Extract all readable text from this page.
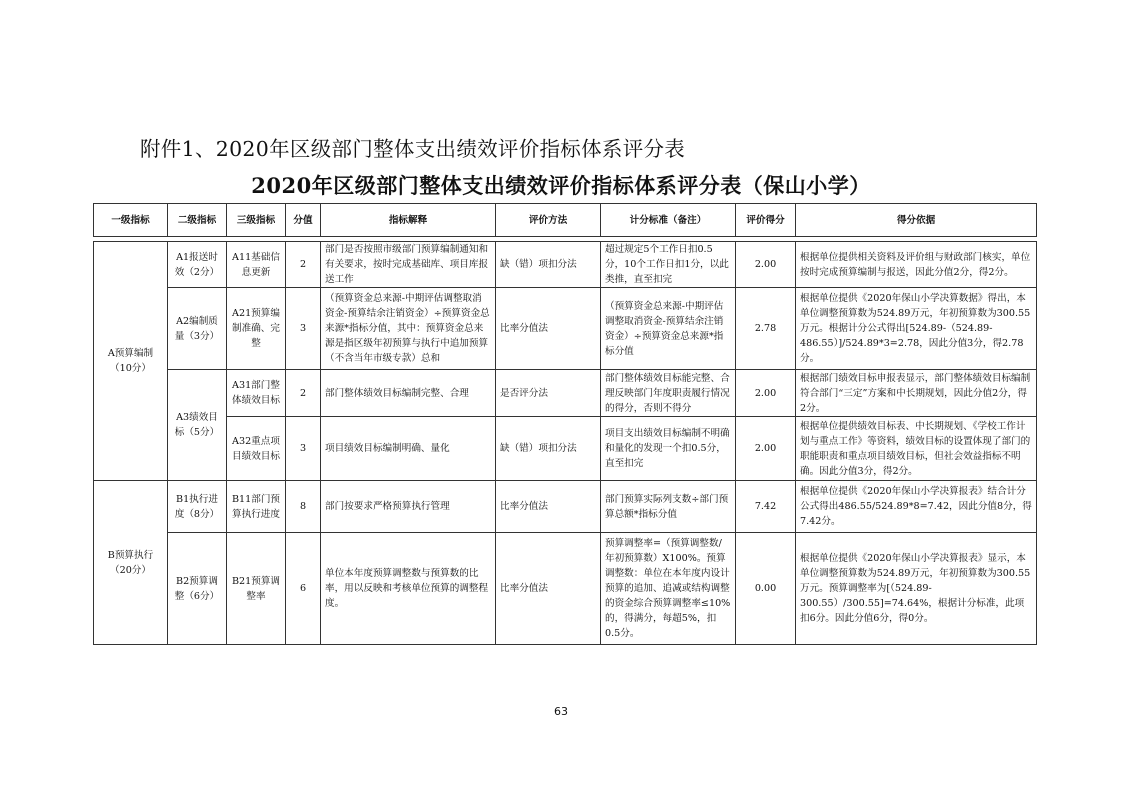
附件1、2020年区级部门整体支出绩效评价指标体系评分表
2020年区级部门整体支出绩效评价指标体系评分表（保山小学）
一级指标	二级指标	三级指标	分值	指标解释	评价方法	计分标准（备注）	评价得分	得分依据

A预算编制（10分）	A1报送时效（2分）	A11基础信息更新	2	部门是否按照市级部门预算编制通知和有关要求，按时完成基础库、项目库报送工作	缺（错）项扣分法	超过规定5个工作日扣0.5分，10个工作日扣1分，以此类推，直至扣完	2.00	根据单位提供相关资料及评价组与财政部门核实，单位按时完成预算编制与报送，因此分值2分，得2分。
	A2编制质量（3分）	A21预算编制准确、完整	3	（预算资金总来源-中期评估调整取消资金-预算结余注销资金）÷预算资金总来源*指标分值，其中：预算资金总来源是指区级年初预算与执行中追加预算（不含当年市级专款）总和	比率分值法	（预算资金总来源-中期评估调整取消资金-预算结余注销资金）÷预算资金总来源*指标分值	2.78	根据单位提供《2020年保山小学决算数据》得出，本单位调整预算数为524.89万元，年初预算数为300.55万元。根据计分公式得出[524.89-（524.89-486.55）]/524.89*3=2.78，因此分值3分，得2.78分。
	A3绩效目标（5分）	A31部门整体绩效目标	2	部门整体绩效目标编制完整、合理	是否评分法	部门整体绩效目标能完整、合理反映部门年度职责履行情况的得分，否则不得分	2.00	根据部门绩效目标申报表显示，部门整体绩效目标编制符合部门“三定”方案和中长期规划，因此分值2分，得2分。
		A32重点项目绩效目标	3	项目绩效目标编制明确、量化	缺（错）项扣分法	项目支出绩效目标编制不明确和量化的发现一个扣0.5分，直至扣完	2.00	根据单位提供绩效目标表、中长期规划、《学校工作计划与重点工作》等资料，绩效目标的设置体现了部门的职能职责和重点项目绩效目标，但社会效益指标不明确。因此分值3分，得2分。
B预算执行（20分）	B1执行进度（8分）	B11部门预算执行进度	8	部门按要求严格预算执行管理	比率分值法	部门预算实际列支数÷部门预算总额*指标分值	7.42	根据单位提供《2020年保山小学决算报表》结合计分公式得出486.55/524.89*8=7.42，因此分值8分，得7.42分。
	B2预算调整（6分）	B21预算调整率	6	单位本年度预算调整数与预算数的比率，用以反映和考核单位预算的调整程度。	比率分值法	预算调整率=（预算调整数/年初预算数）X100%。预算调整数：单位在本年度内设计预算的追加、追减或结构调整的资金综合预算调整率≤10%的，得满分，每超5%，扣0.5分。	0.00	根据单位提供《2020年保山小学决算报表》显示，本单位调整预算数为524.89万元，年初预算数为300.55万元。预算调整率为[（524.89-300.55）/300.55]=74.64%，根据计分标准，此项扣6分。因此分值6分，得0分。
63
